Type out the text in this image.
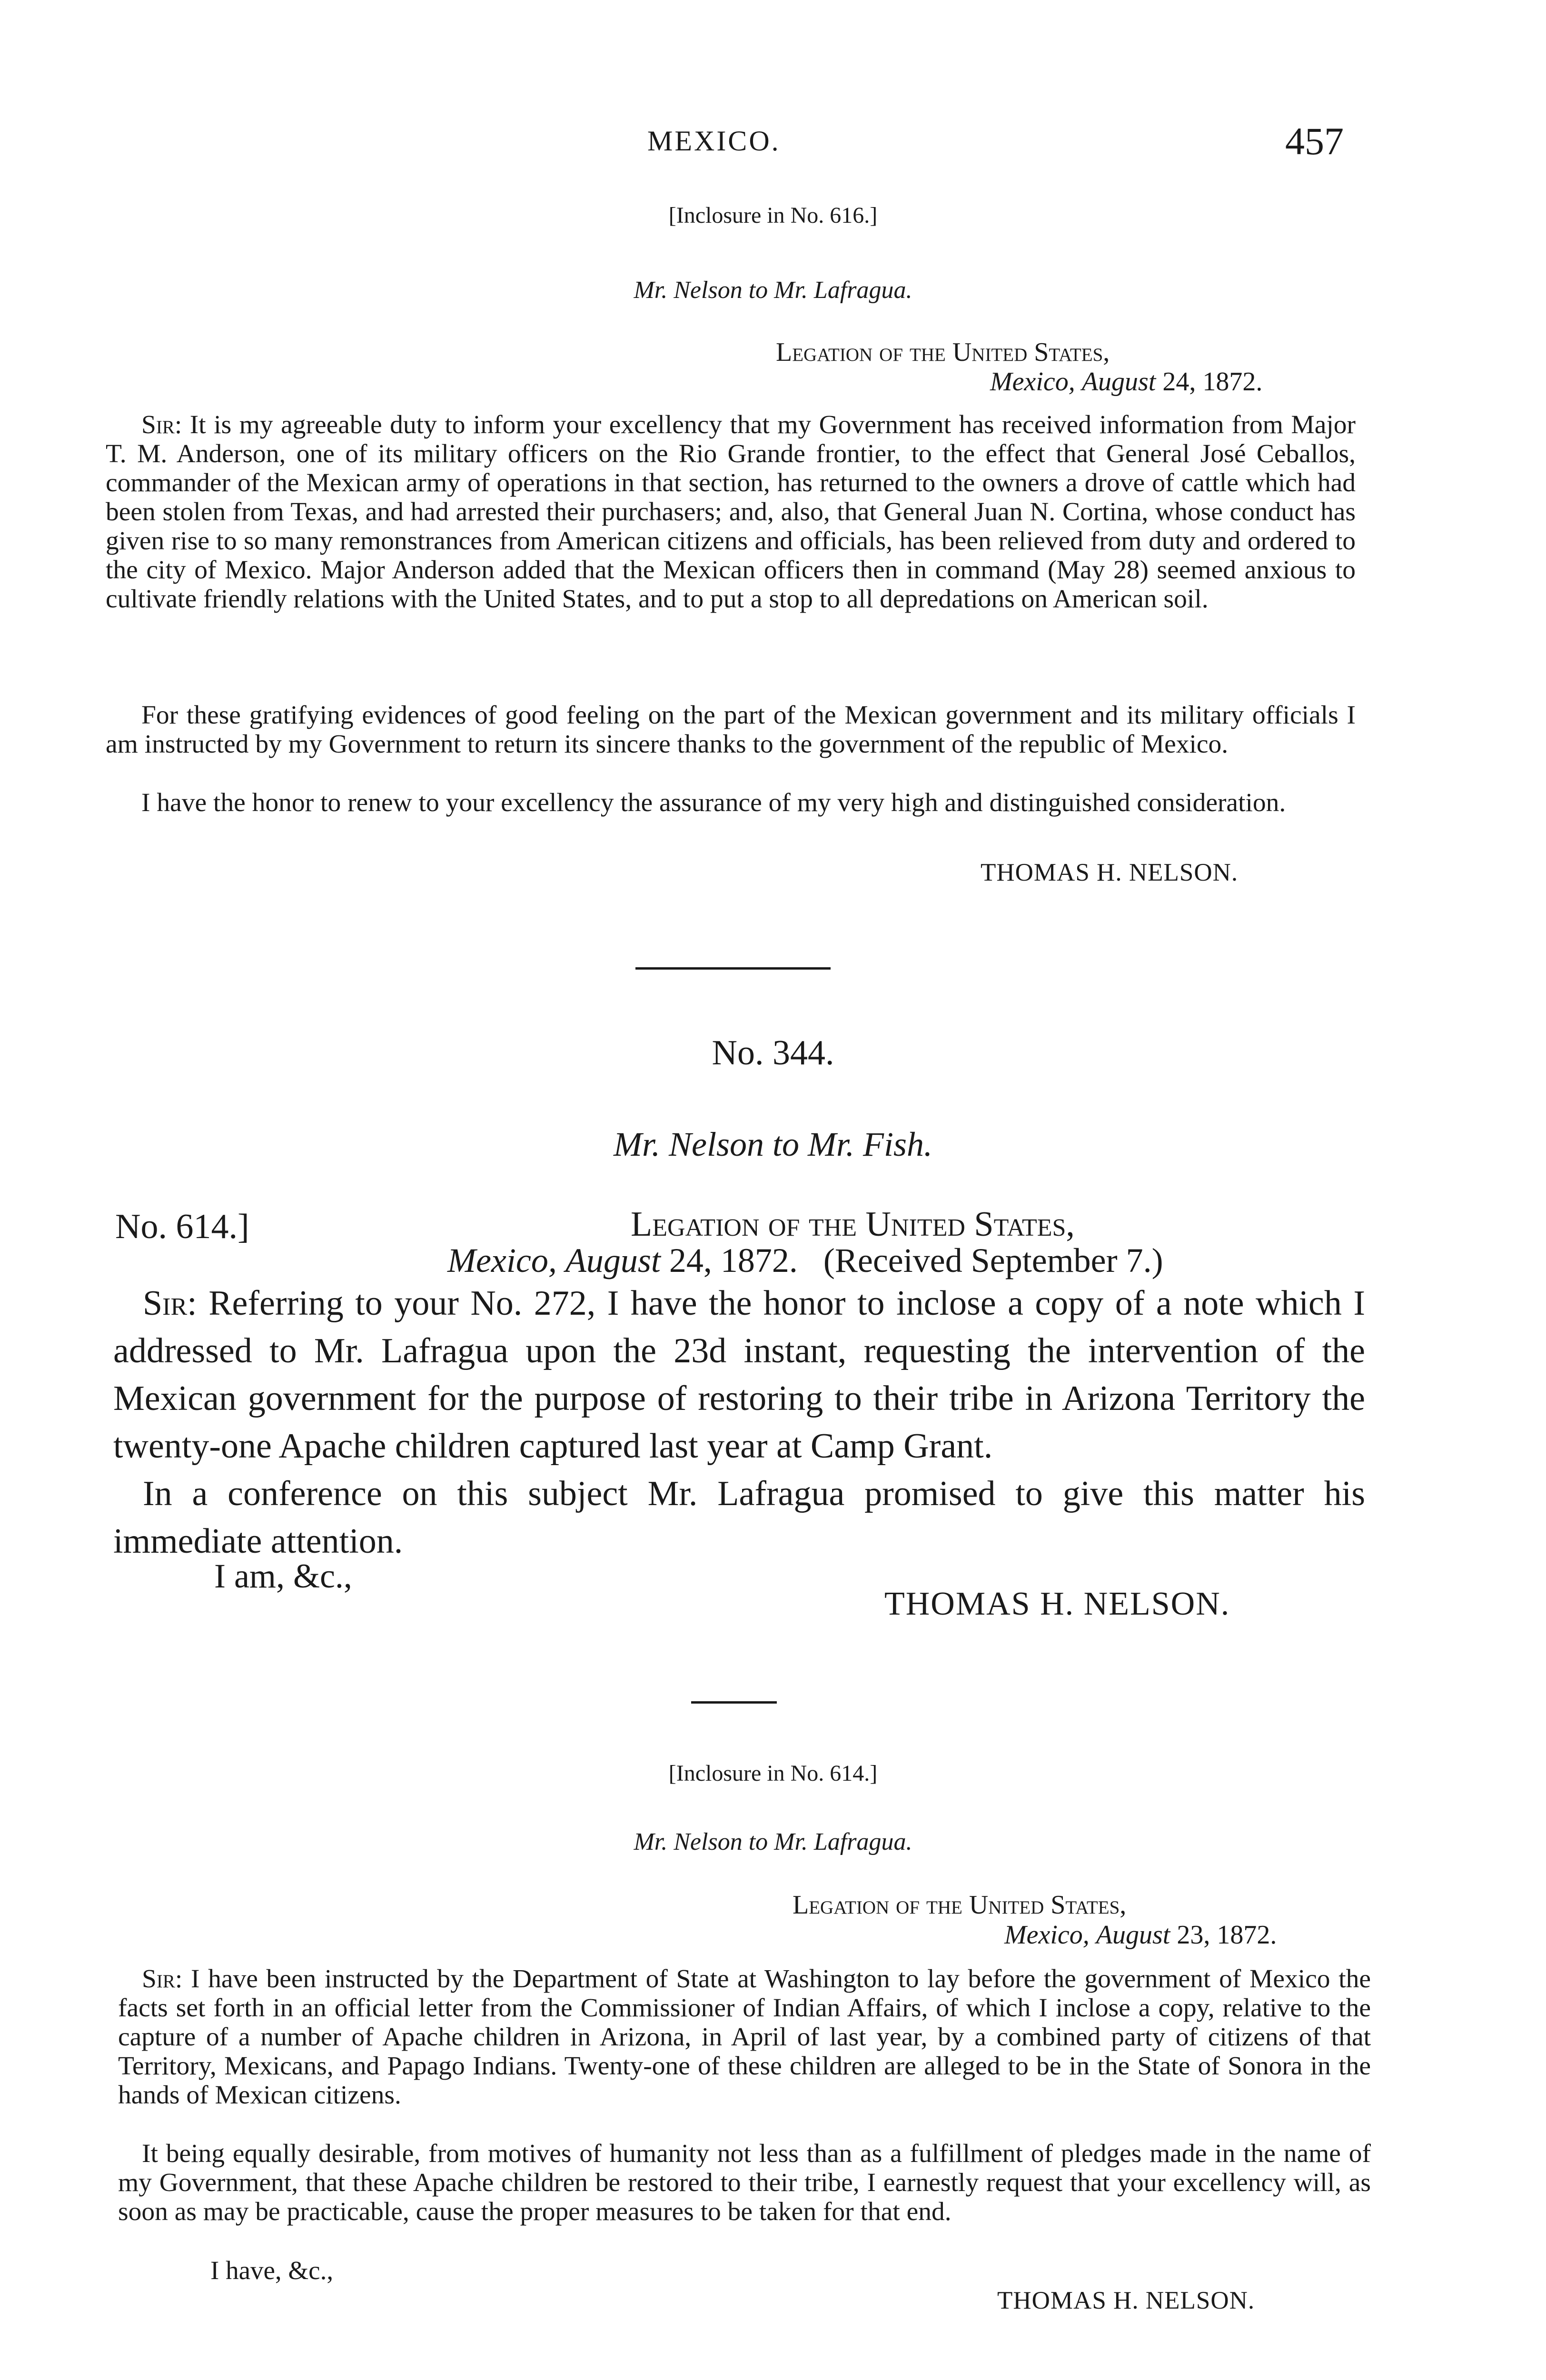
MEXICO.	457
[Inclosure in No. 616.]
Mr. Nelson to Mr. Lafragua.
Legation of the United States,
Mexico, August 24, 1872.

Sir: It is my agreeable duty to inform your excellency that my Government has received information from Major T. M. Anderson, one of its military officers on the Rio Grande frontier, to the effect that General José Ceballos, commander of the Mexican army of operations in that section, has returned to the owners a drove of cattle which had been stolen from Texas, and had arrested their purchasers; and, also, that General Juan N. Cortina, whose conduct has given rise to so many remonstrances from American citizens and officials, has been relieved from duty and ordered to the city of Mexico. Major Anderson added that the Mexican officers then in command (May 28) seemed anxious to cultivate friendly relations with the United States, and to put a stop to all depredations on American soil.

For these gratifying evidences of good feeling on the part of the Mexican government and its military officials I am instructed by my Government to return its sincere thanks to the government of the republic of Mexico.

I have the honor to renew to your excellency the assurance of my very high and distinguished consideration.

THOMAS H. NELSON.
No. 344.
Mr. Nelson to Mr. Fish.
No. 614.]	Legation of the United States,
Mexico, August 24, 1872. (Received September 7.)

Sir: Referring to your No. 272, I have the honor to inclose a copy of a note which I addressed to Mr. Lafragua upon the 23d instant, requesting the intervention of the Mexican government for the purpose of restoring to their tribe in Arizona Territory the twenty-one Apache children captured last year at Camp Grant.

In a conference on this subject Mr. Lafragua promised to give this matter his immediate attention.

I am, &c.,
THOMAS H. NELSON.
[Inclosure in No. 614.]
Mr. Nelson to Mr. Lafragua.
Legation of the United States,
Mexico, August 23, 1872.

Sir: I have been instructed by the Department of State at Washington to lay before the government of Mexico the facts set forth in an official letter from the Commissioner of Indian Affairs, of which I inclose a copy, relative to the capture of a number of Apache children in Arizona, in April of last year, by a combined party of citizens of that Territory, Mexicans, and Papago Indians. Twenty-one of these children are alleged to be in the State of Sonora in the hands of Mexican citizens.

It being equally desirable, from motives of humanity not less than as a fulfillment of pledges made in the name of my Government, that these Apache children be restored to their tribe, I earnestly request that your excellency will, as soon as may be practicable, cause the proper measures to be taken for that end.

I have, &c.,
THOMAS H. NELSON.
